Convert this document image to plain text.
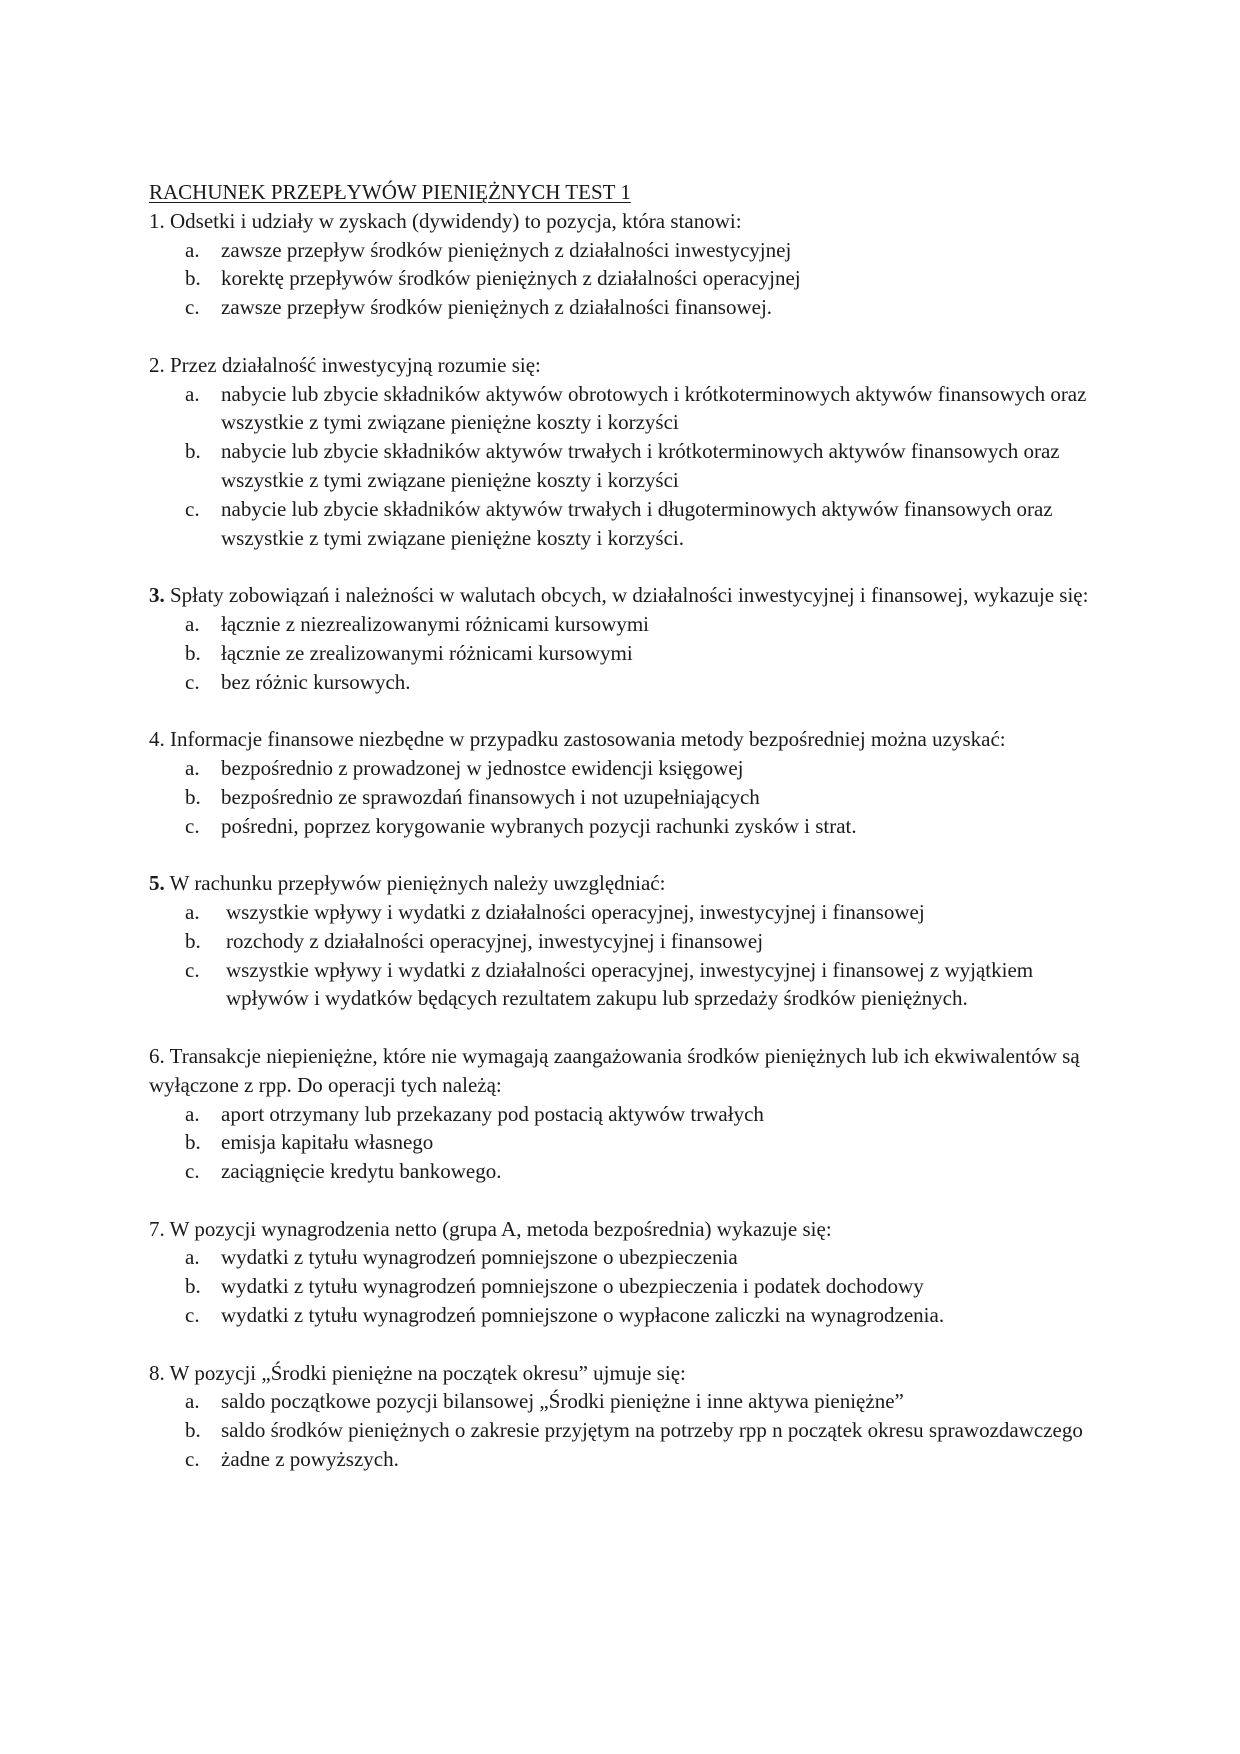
RACHUNEK PRZEPŁYWÓW PIENIĘŻNYCH TEST 1

1. Odsetki i udziały w zyskach (dywidendy) to pozycja, która stanowi:

a.	zawsze przepływ środków pieniężnych z działalności inwestycyjnej
b. korektę przepływów środków pieniężnych z działalności operacyjnej
c.	zawsze przepływ środków pieniężnych z działalności finansowej.

2. Przez działalność inwestycyjną rozumie się:

a.	nabycie lub zbycie składników aktywów obrotowych i krótkoterminowych aktywów finansowych oraz wszystkie z tymi związane pieniężne koszty i korzyści
b. nabycie lub zbycie składników aktywów trwałych i krótkoterminowych aktywów finansowych oraz wszystkie z tymi związane pieniężne koszty i korzyści
c.	nabycie lub zbycie składników aktywów trwałych i długoterminowych aktywów finansowych oraz wszystkie z tymi związane pieniężne koszty i korzyści.

3. Spłaty zobowiązań i należności w walutach obcych, w działalności inwestycyjnej i finansowej, wykazuje się:

a.	łącznie z niezrealizowanymi różnicami kursowymi
b. łącznie ze zrealizowanymi różnicami kursowymi
c.	bez różnic kursowych.

4. Informacje finansowe niezbędne w przypadku zastosowania metody bezpośredniej można uzyskać:

a.	bezpośrednio z prowadzonej w jednostce ewidencji księgowej
b. bezpośrednio ze sprawozdań finansowych i not uzupełniających
c.	pośredni, poprzez korygowanie wybranych pozycji rachunki zysków i strat.

5. W rachunku przepływów pieniężnych należy uwzględniać:

a.	wszystkie wpływy i wydatki z działalności operacyjnej, inwestycyjnej i finansowej
b.	rozchody z działalności operacyjnej, inwestycyjnej i finansowej
c.	wszystkie wpływy i wydatki z działalności operacyjnej, inwestycyjnej i finansowej z wyjątkiem wpływów i wydatków będących rezultatem zakupu lub sprzedaży środków pieniężnych.

6. Transakcje niepieniężne, które nie wymagają zaangażowania środków pieniężnych lub ich ekwiwalentów są wyłączone z rpp. Do operacji tych należą:

a.	aport otrzymany lub przekazany pod postacią aktywów trwałych
b. emisja kapitału własnego
c.	zaciągnięcie kredytu bankowego.

7. W pozycji wynagrodzenia netto (grupa A, metoda bezpośrednia) wykazuje się:

a.	wydatki z tytułu wynagrodzeń pomniejszone o ubezpieczenia
b. wydatki z tytułu wynagrodzeń pomniejszone o ubezpieczenia i podatek dochodowy
c.	wydatki z tytułu wynagrodzeń pomniejszone o wypłacone zaliczki na wynagrodzenia.

8. W pozycji „Środki pieniężne na początek okresu” ujmuje się:

a.	saldo początkowe pozycji bilansowej „Środki pieniężne i inne aktywa pieniężne”
b. saldo środków pieniężnych o zakresie przyjętym na potrzeby rpp n początek okresu sprawozdawczego
c.	żadne z powyższych.
